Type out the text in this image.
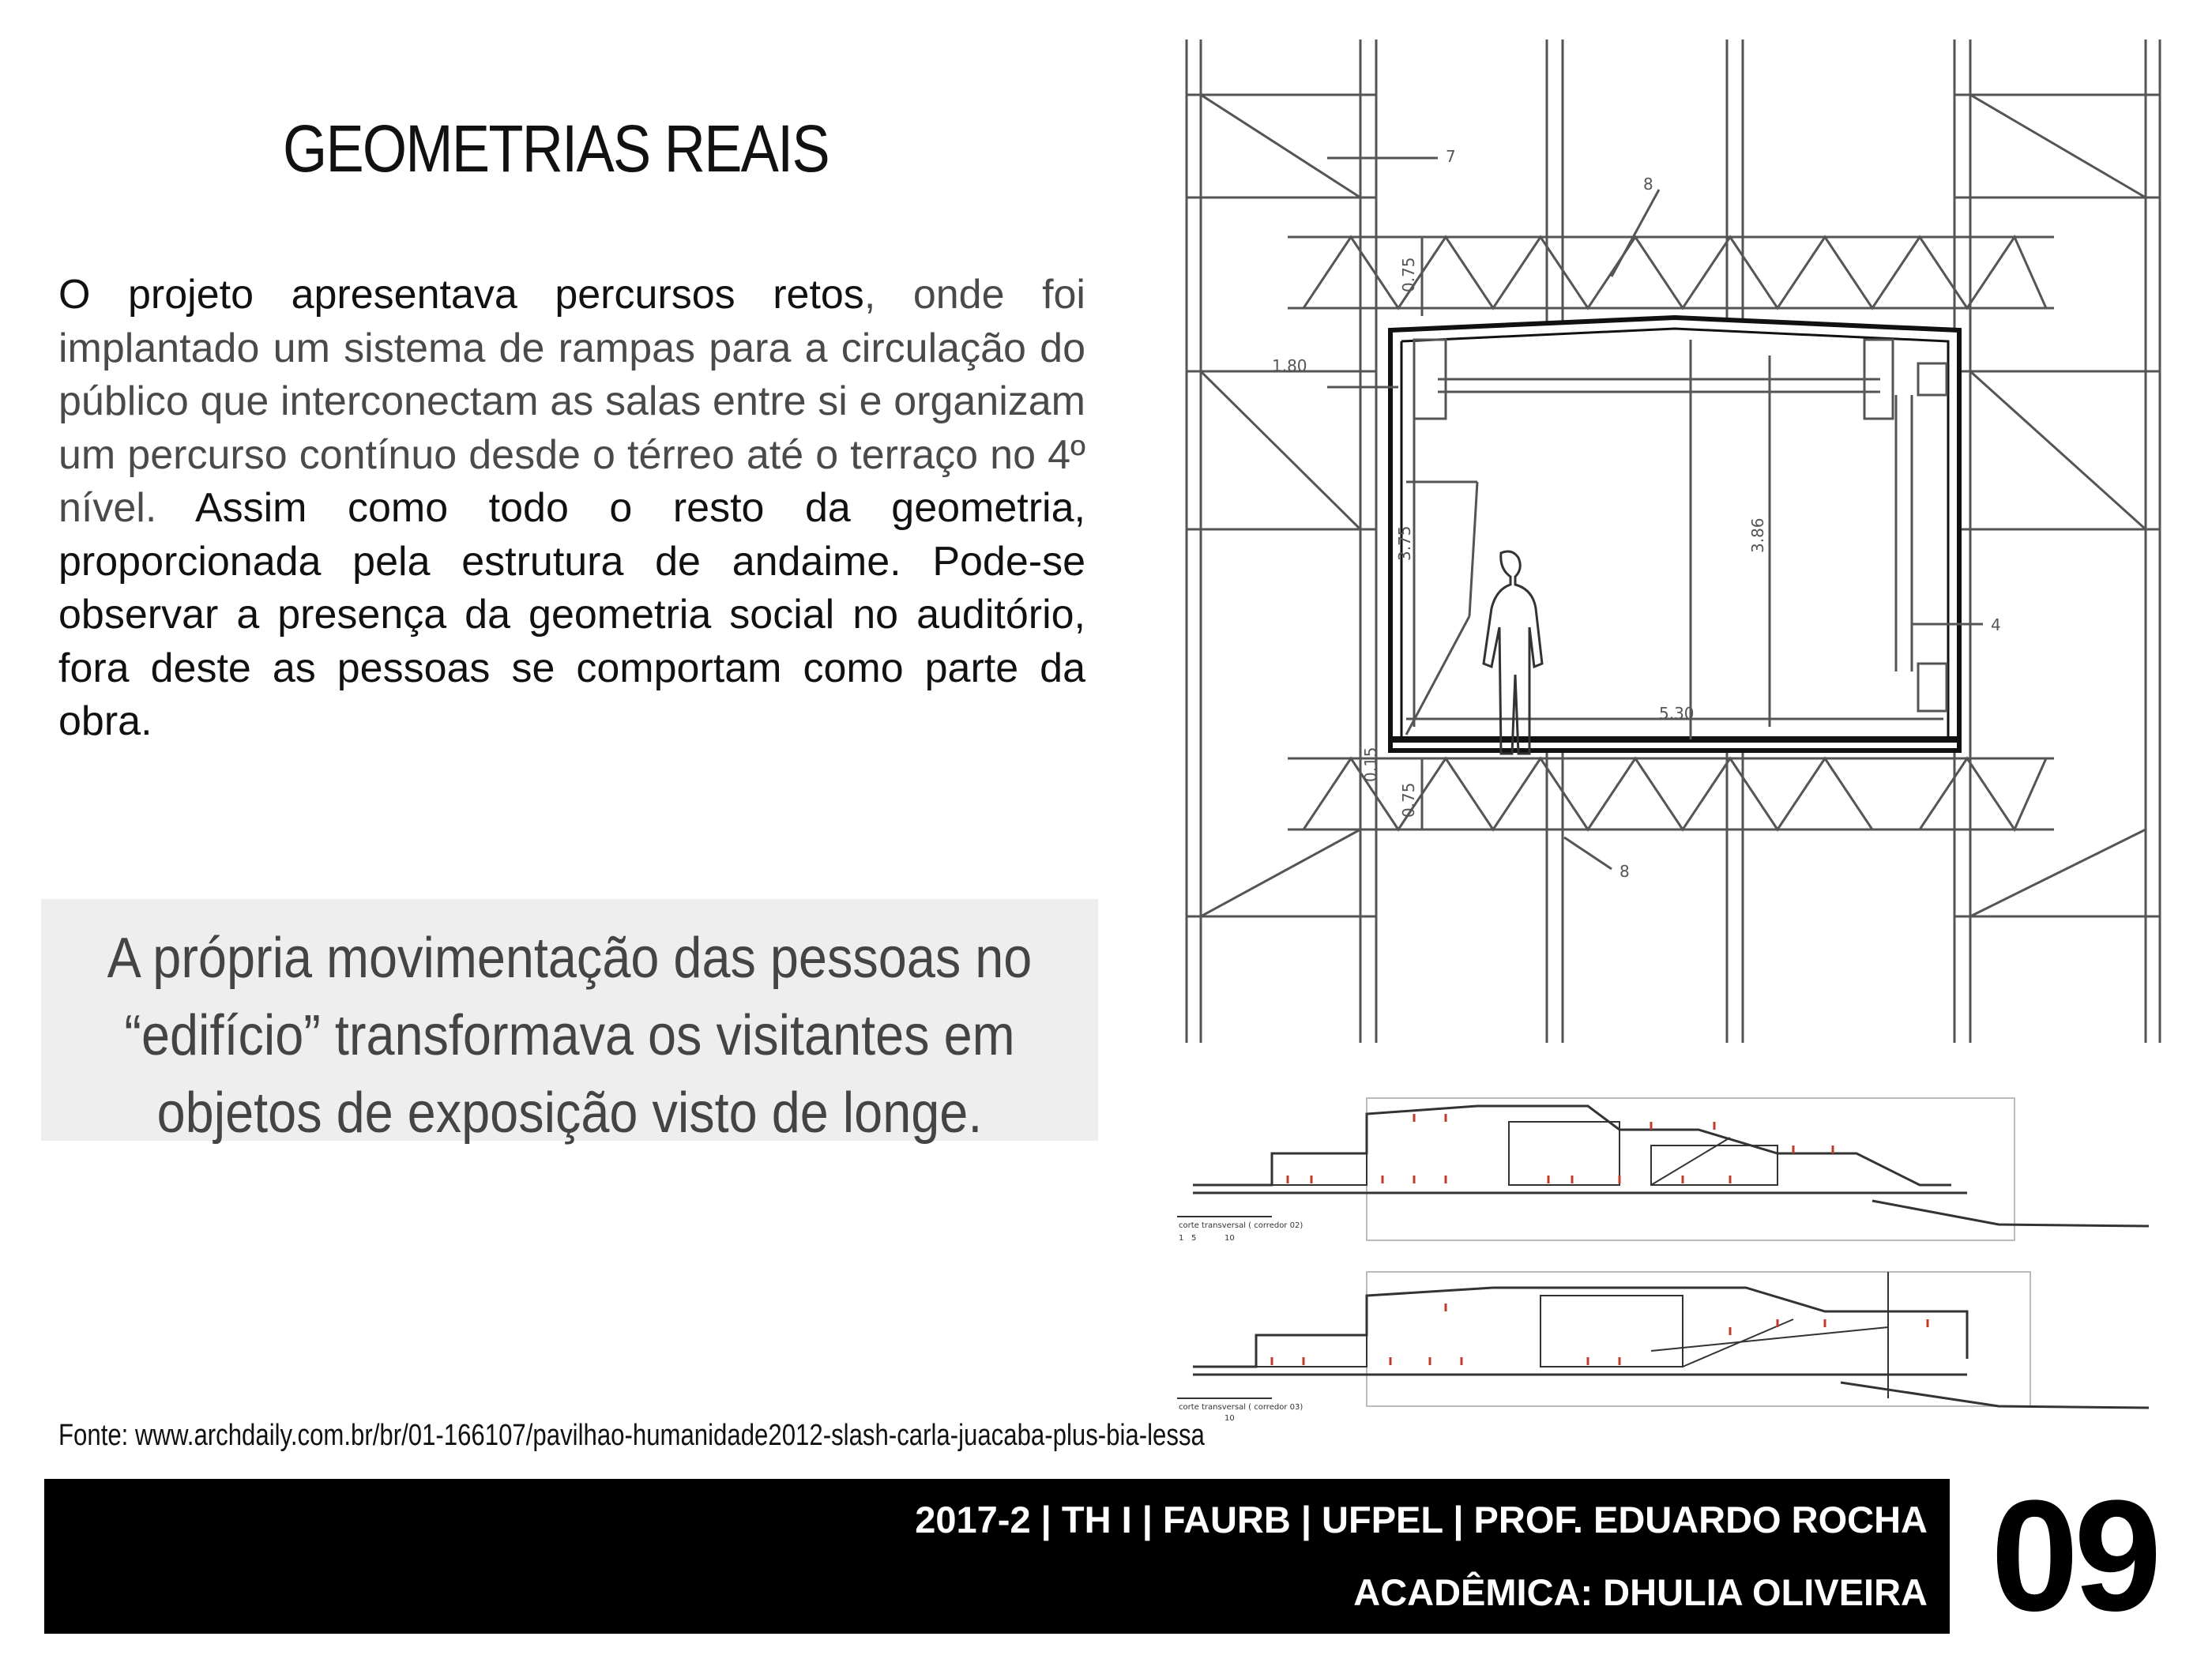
GEOMETRIAS REAIS
O projeto apresentava percursos retos, onde foi implantado um sistema de rampas para a circulação do público que interconectam as salas entre si e organizam um percurso contínuo desde o térreo até o terraço no 4º nível. Assim como todo o resto da geometria, proporcionada pela estrutura de andaime. Pode-se observar a presença da geometria social no auditório, fora deste as pessoas se comportam como parte da obra.
A própria movimentação das pessoas no “edifício” transformava os visitantes em objetos de exposição visto de longe.
7
8
4
8
0.75
1.80
3.75	3.86
5.30
0.15
0.75
corte transversal ( corredor 02)
1 5	10
corte transversal ( corredor 03)
10
Fonte: www.archdaily.com.br/br/01-166107/pavilhao-humanidade2012-slash-carla-juacaba-plus-bia-lessa
2017-2 | TH I | FAURB | UFPEL | PROF. EDUARDO ROCHA
ACADÊMICA: DHULIA OLIVEIRA 09
